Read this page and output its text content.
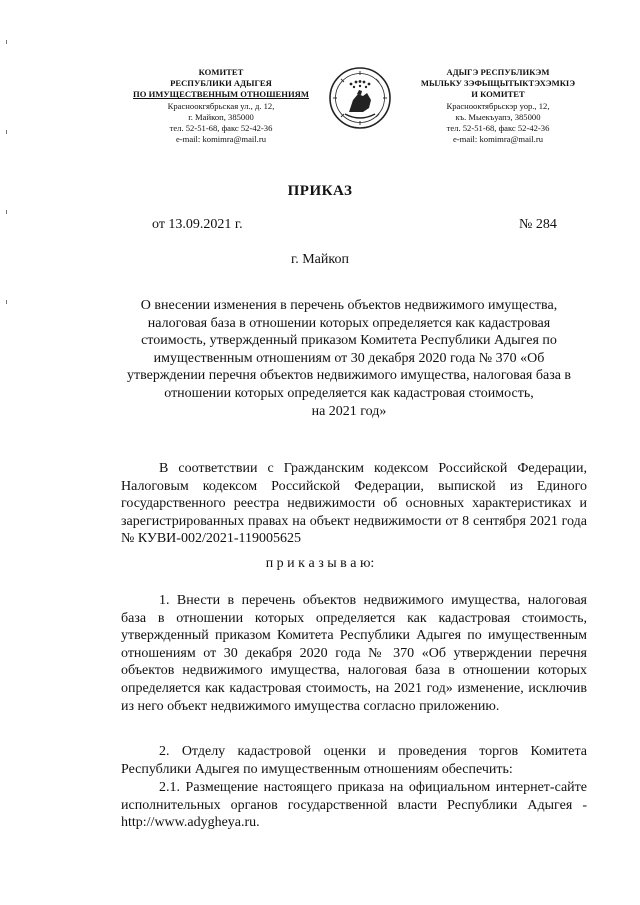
КОМИТЕТ
РЕСПУБЛИКИ АДЫГЕЯ
ПО ИМУЩЕСТВЕННЫМ ОТНОШЕНИЯМ
Красноокгябрьская ул., д. 12,
г. Майкоп, 385000
тел. 52-51-68, факс 52-42-36
e-mail: komimra@mail.ru
АДЫГЭ РЕСПУБЛИКЭМ
МЫЛЬКУ ЗЭФЫЩЫТЫКТЭХЭМКIЭ
И КОМИТЕТ
Краснооктябрьскэр уор., 12,
къ. Мыекъуапэ, 385000
тел. 52-51-68, факс 52-42-36
e-mail: komimra@mail.ru
ПРИКАЗ
от 13.09.2021 г.	№ 284
г. Майкоп
О внесении изменения в перечень объектов недвижимого имущества,
налоговая база в отношении которых определяется как кадастровая
стоимость, утвержденный приказом Комитета Республики Адыгея по
имущественным отношениям от 30 декабря 2020 года № 370 «Об
утверждении перечня объектов недвижимого имущества, налоговая база в
отношении которых определяется как кадастровая стоимость,
на 2021 год»
В соответствии с Гражданским кодексом Российской Федерации, Налоговым кодексом Российской Федерации, выпиской из Единого государственного реестра недвижимости об основных характеристиках и зарегистрированных правах на объект недвижимости от 8 сентября 2021 года № КУВИ-002/2021-119005625
п р и к а з ы в а ю:
1. Внести в перечень объектов недвижимого имущества, налоговая база в отношении которых определяется как кадастровая стоимость, утвержденный приказом Комитета Республики Адыгея по имущественным отношениям от 30 декабря 2020 года № 370 «Об утверждении перечня объектов недвижимого имущества, налоговая база в отношении которых определяется как кадастровая стоимость, на 2021 год» изменение, исключив из него объект недвижимого имущества согласно приложению.
2. Отделу кадастровой оценки и проведения торгов Комитета Республики Адыгея по имущественным отношениям обеспечить:
2.1. Размещение настоящего приказа на официальном интернет-сайте исполнительных органов государственной власти Республики Адыгея - http://www.adygheya.ru.
